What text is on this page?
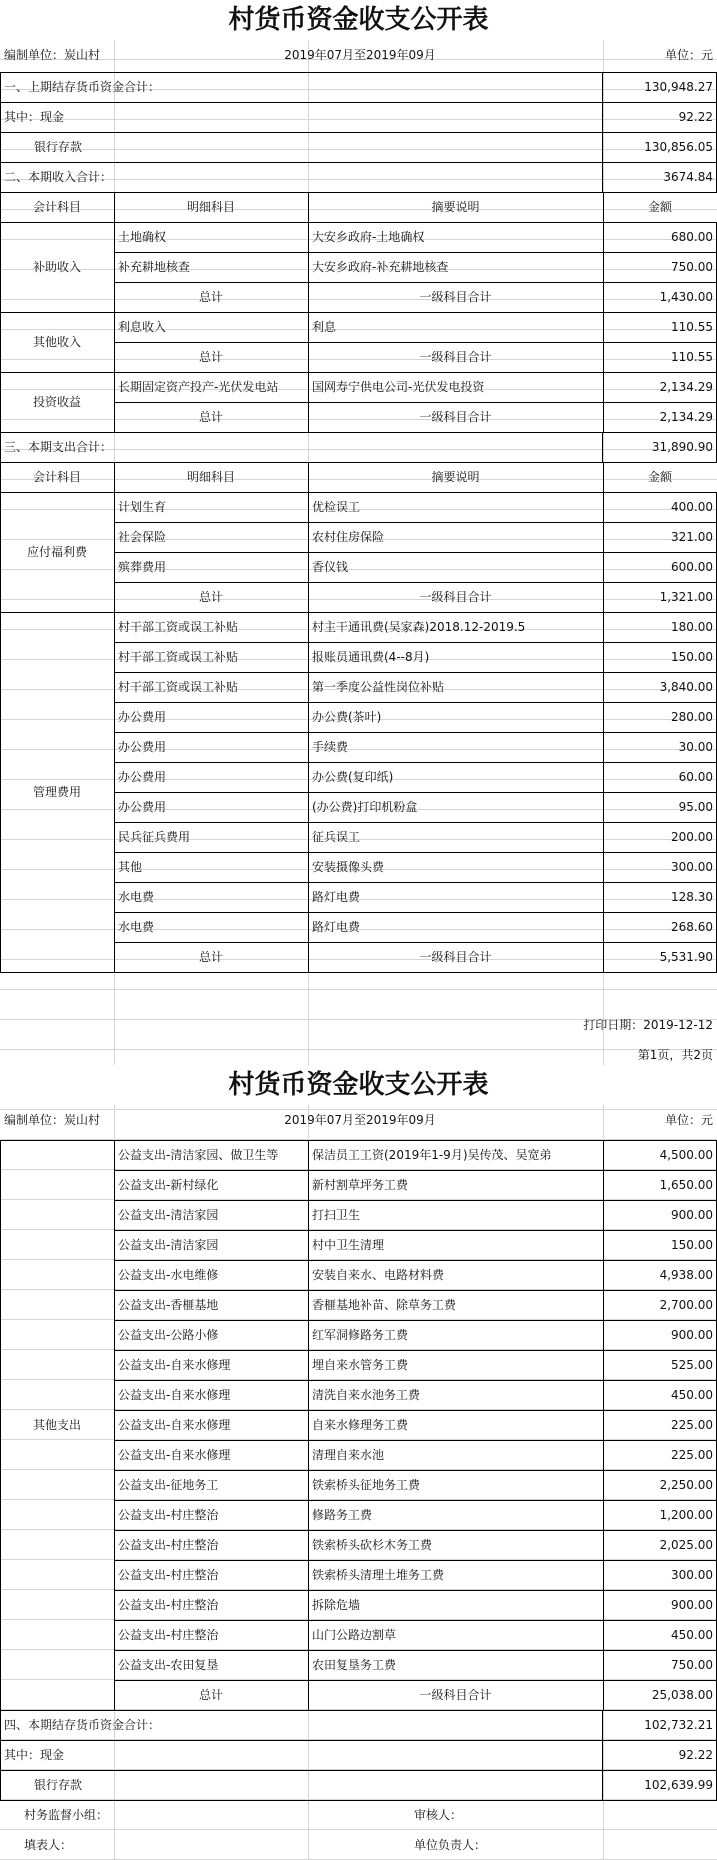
村货币资金收支公开表
编制单位：炭山村	2019年07月至2019年09月	单位：元
一、上期结存货币资金合计：	130,948.27
其中：现金	92.22
银行存款	130,856.05
二、本期收入合计：	3674.84
会计科目	明细科目	摘要说明	金额
补助收入
土地确权	大安乡政府-土地确权	680.00
补充耕地核查	大安乡政府-补充耕地核查	750.00
总计	一级科目合计	1,430.00
其他收入
利息收入	利息	110.55
总计	一级科目合计	110.55
投资收益
长期固定资产投产-光伏发电站	国网寿宁供电公司-光伏发电投资	2,134.29
总计	一级科目合计	2,134.29
三、本期支出合计：	31,890.90
会计科目	明细科目	摘要说明	金额
应付福利费
计划生育	优检误工	400.00
社会保险	农村住房保险	321.00
殡葬费用	香仪钱	600.00
总计	一级科目合计	1,321.00
管理费用
村干部工资或误工补贴	村主干通讯费(吴家森)2018.12-2019.5	180.00
村干部工资或误工补贴	报账员通讯费(4--8月)	150.00
村干部工资或误工补贴	第一季度公益性岗位补贴	3,840.00
办公费用	办公费(茶叶)	280.00
办公费用	手续费	30.00
办公费用	办公费(复印纸)	60.00
办公费用	(办公费)打印机粉盒	95.00
民兵征兵费用	征兵误工	200.00
其他	安装摄像头费	300.00
水电费	路灯电费	128.30
水电费	路灯电费	268.60
总计	一级科目合计	5,531.90
打印日期：2019-12-12
第1页，共2页
村货币资金收支公开表
编制单位：炭山村	2019年07月至2019年09月	单位：元
其他支出
公益支出-清洁家园、做卫生等	保洁员工工资(2019年1-9月)吴传茂、吴宽弟	4,500.00
公益支出-新村绿化	新村割草坪务工费	1,650.00
公益支出-清洁家园	打扫卫生	900.00
公益支出-清洁家园	村中卫生清理	150.00
公益支出-水电维修	安装自来水、电路材料费	4,938.00
公益支出-香榧基地	香榧基地补苗、除草务工费	2,700.00
公益支出-公路小修	红军洞修路务工费	900.00
公益支出-自来水修理	埋自来水管务工费	525.00
公益支出-自来水修理	清洗自来水池务工费	450.00
公益支出-自来水修理	自来水修理务工费	225.00
公益支出-自来水修理	清理自来水池	225.00
公益支出-征地务工	铁索桥头征地务工费	2,250.00
公益支出-村庄整治	修路务工费	1,200.00
公益支出-村庄整治	铁索桥头砍杉木务工费	2,025.00
公益支出-村庄整治	铁索桥头清理土堆务工费	300.00
公益支出-村庄整治	拆除危墙	900.00
公益支出-村庄整治	山门公路边割草	450.00
公益支出-农田复垦	农田复垦务工费	750.00
总计	一级科目合计	25,038.00
四、本期结存货币资金合计：	102,732.21
其中：现金	92.22
银行存款	102,639.99
村务监督小组：	审核人：
填表人：	单位负责人：
